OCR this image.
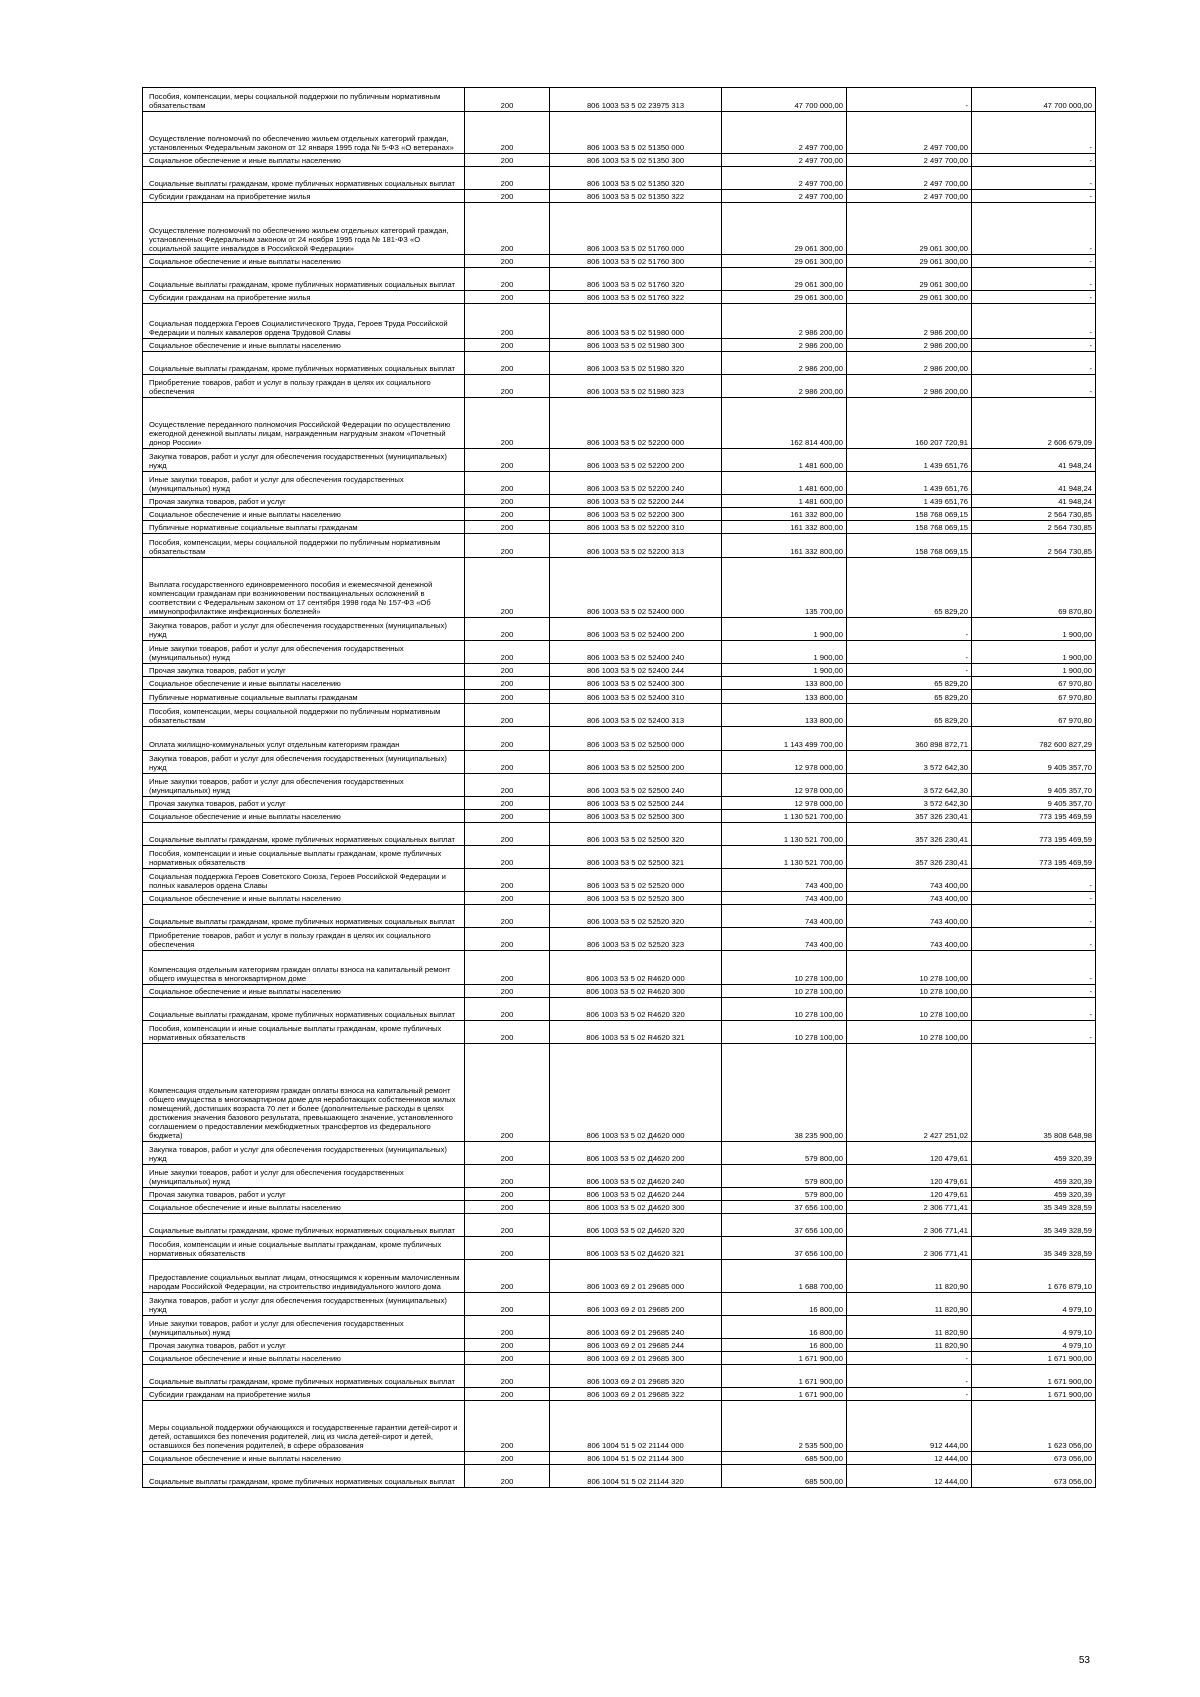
Пособия, компенсации, меры социальной поддержки по публичным нормативным обязательствам	200	806 1003 53 5 02 23975 313	47 700 000,00	-	47 700 000,00
Осуществление полномочий по обеспечению жильем отдельных категорий граждан, установленных Федеральным законом от 12 января 1995 года № 5-ФЗ «О ветеранах»	200	806 1003 53 5 02 51350 000	2 497 700,00	2 497 700,00	-
Социальное обеспечение и иные выплаты населению	200	806 1003 53 5 02 51350 300	2 497 700,00	2 497 700,00	-
Социальные выплаты гражданам, кроме публичных нормативных социальных выплат	200	806 1003 53 5 02 51350 320	2 497 700,00	2 497 700,00	-
Субсидии гражданам на приобретение жилья	200	806 1003 53 5 02 51350 322	2 497 700,00	2 497 700,00	-
Осуществление полномочий по обеспечению жильем отдельных категорий граждан, установленных Федеральным законом от 24 ноября 1995 года № 181-ФЗ «О социальной защите инвалидов в Российской Федерации»	200	806 1003 53 5 02 51760 000	29 061 300,00	29 061 300,00	-
Социальное обеспечение и иные выплаты населению	200	806 1003 53 5 02 51760 300	29 061 300,00	29 061 300,00	-
Социальные выплаты гражданам, кроме публичных нормативных социальных выплат	200	806 1003 53 5 02 51760 320	29 061 300,00	29 061 300,00	-
Субсидии гражданам на приобретение жилья	200	806 1003 53 5 02 51760 322	29 061 300,00	29 061 300,00	-
Социальная поддержка Героев Социалистического Труда, Героев Труда Российской Федерации и полных кавалеров ордена Трудовой Славы	200	806 1003 53 5 02 51980 000	2 986 200,00	2 986 200,00	-
Социальное обеспечение и иные выплаты населению	200	806 1003 53 5 02 51980 300	2 986 200,00	2 986 200,00	-
Социальные выплаты гражданам, кроме публичных нормативных социальных выплат	200	806 1003 53 5 02 51980 320	2 986 200,00	2 986 200,00	-
Приобретение товаров, работ и услуг в пользу граждан в целях их социального обеспечения	200	806 1003 53 5 02 51980 323	2 986 200,00	2 986 200,00	-
Осуществление переданного полномочия Российской Федерации по осуществлению ежегодной денежной выплаты лицам, награжденным нагрудным знаком «Почетный донор России»	200	806 1003 53 5 02 52200 000	162 814 400,00	160 207 720,91	2 606 679,09
Закупка товаров, работ и услуг для обеспечения государственных (муниципальных) нужд	200	806 1003 53 5 02 52200 200	1 481 600,00	1 439 651,76	41 948,24
Иные закупки товаров, работ и услуг для обеспечения государственных (муниципальных) нужд	200	806 1003 53 5 02 52200 240	1 481 600,00	1 439 651,76	41 948,24
Прочая закупка товаров, работ и услуг	200	806 1003 53 5 02 52200 244	1 481 600,00	1 439 651,76	41 948,24
Социальное обеспечение и иные выплаты населению	200	806 1003 53 5 02 52200 300	161 332 800,00	158 768 069,15	2 564 730,85
Публичные нормативные социальные выплаты гражданам	200	806 1003 53 5 02 52200 310	161 332 800,00	158 768 069,15	2 564 730,85
Пособия, компенсации, меры социальной поддержки по публичным нормативным обязательствам	200	806 1003 53 5 02 52200 313	161 332 800,00	158 768 069,15	2 564 730,85
Выплата государственного единовременного пособия и ежемесячной денежной компенсации гражданам при возникновении поствакцинальных осложнений в соответствии с Федеральным законом от 17 сентября 1998 года № 157-ФЗ «Об иммунопрофилактике инфекционных болезней»	200	806 1003 53 5 02 52400 000	135 700,00	65 829,20	69 870,80
Закупка товаров, работ и услуг для обеспечения государственных (муниципальных) нужд	200	806 1003 53 5 02 52400 200	1 900,00	-	1 900,00
Иные закупки товаров, работ и услуг для обеспечения государственных (муниципальных) нужд	200	806 1003 53 5 02 52400 240	1 900,00	-	1 900,00
Прочая закупка товаров, работ и услуг	200	806 1003 53 5 02 52400 244	1 900,00	-	1 900,00
Социальное обеспечение и иные выплаты населению	200	806 1003 53 5 02 52400 300	133 800,00	65 829,20	67 970,80
Публичные нормативные социальные выплаты гражданам	200	806 1003 53 5 02 52400 310	133 800,00	65 829,20	67 970,80
Пособия, компенсации, меры социальной поддержки по публичным нормативным обязательствам	200	806 1003 53 5 02 52400 313	133 800,00	65 829,20	67 970,80
Оплата жилищно-коммунальных услуг отдельным категориям граждан	200	806 1003 53 5 02 52500 000	1 143 499 700,00	360 898 872,71	782 600 827,29
Закупка товаров, работ и услуг для обеспечения государственных (муниципальных) нужд	200	806 1003 53 5 02 52500 200	12 978 000,00	3 572 642,30	9 405 357,70
Иные закупки товаров, работ и услуг для обеспечения государственных (муниципальных) нужд	200	806 1003 53 5 02 52500 240	12 978 000,00	3 572 642,30	9 405 357,70
Прочая закупка товаров, работ и услуг	200	806 1003 53 5 02 52500 244	12 978 000,00	3 572 642,30	9 405 357,70
Социальное обеспечение и иные выплаты населению	200	806 1003 53 5 02 52500 300	1 130 521 700,00	357 326 230,41	773 195 469,59
Социальные выплаты гражданам, кроме публичных нормативных социальных выплат	200	806 1003 53 5 02 52500 320	1 130 521 700,00	357 326 230,41	773 195 469,59
Пособия, компенсации и иные социальные выплаты гражданам, кроме публичных нормативных обязательств	200	806 1003 53 5 02 52500 321	1 130 521 700,00	357 326 230,41	773 195 469,59
Социальная поддержка Героев Советского Союза, Героев Российской Федерации и полных кавалеров ордена Славы	200	806 1003 53 5 02 52520 000	743 400,00	743 400,00	-
Социальное обеспечение и иные выплаты населению	200	806 1003 53 5 02 52520 300	743 400,00	743 400,00	-
Социальные выплаты гражданам, кроме публичных нормативных социальных выплат	200	806 1003 53 5 02 52520 320	743 400,00	743 400,00	-
Приобретение товаров, работ и услуг в пользу граждан в целях их социального обеспечения	200	806 1003 53 5 02 52520 323	743 400,00	743 400,00	-
Компенсация отдельным категориям граждан оплаты взноса на капитальный ремонт общего имущества в многоквартирном доме	200	806 1003 53 5 02 R4620 000	10 278 100,00	10 278 100,00	-
Социальное обеспечение и иные выплаты населению	200	806 1003 53 5 02 R4620 300	10 278 100,00	10 278 100,00	-
Социальные выплаты гражданам, кроме публичных нормативных социальных выплат	200	806 1003 53 5 02 R4620 320	10 278 100,00	10 278 100,00	-
Пособия, компенсации и иные социальные выплаты гражданам, кроме публичных нормативных обязательств	200	806 1003 53 5 02 R4620 321	10 278 100,00	10 278 100,00	-
Компенсация отдельным категориям граждан оплаты взноса на капитальный ремонт общего имущества в многоквартирном доме для неработающих собственников жилых помещений, достигших возраста 70 лет и более (дополнительные расходы в целях достижения значения базового результата, превышающего значение, установленного соглашением о предоставлении межбюджетных трансфертов из федерального бюджета)	200	806 1003 53 5 02 Д4620 000	38 235 900,00	2 427 251,02	35 808 648,98
Закупка товаров, работ и услуг для обеспечения государственных (муниципальных) нужд	200	806 1003 53 5 02 Д4620 200	579 800,00	120 479,61	459 320,39
Иные закупки товаров, работ и услуг для обеспечения государственных (муниципальных) нужд	200	806 1003 53 5 02 Д4620 240	579 800,00	120 479,61	459 320,39
Прочая закупка товаров, работ и услуг	200	806 1003 53 5 02 Д4620 244	579 800,00	120 479,61	459 320,39
Социальное обеспечение и иные выплаты населению	200	806 1003 53 5 02 Д4620 300	37 656 100,00	2 306 771,41	35 349 328,59
Социальные выплаты гражданам, кроме публичных нормативных социальных выплат	200	806 1003 53 5 02 Д4620 320	37 656 100,00	2 306 771,41	35 349 328,59
Пособия, компенсации и иные социальные выплаты гражданам, кроме публичных нормативных обязательств	200	806 1003 53 5 02 Д4620 321	37 656 100,00	2 306 771,41	35 349 328,59
Предоставление социальных выплат лицам, относящимся к коренным малочисленным народам Российской Федерации, на строительство индивидуального жилого дома	200	806 1003 69 2 01 29685 000	1 688 700,00	11 820,90	1 676 879,10
Закупка товаров, работ и услуг для обеспечения государственных (муниципальных) нужд	200	806 1003 69 2 01 29685 200	16 800,00	11 820,90	4 979,10
Иные закупки товаров, работ и услуг для обеспечения государственных (муниципальных) нужд	200	806 1003 69 2 01 29685 240	16 800,00	11 820,90	4 979,10
Прочая закупка товаров, работ и услуг	200	806 1003 69 2 01 29685 244	16 800,00	11 820,90	4 979,10
Социальное обеспечение и иные выплаты населению	200	806 1003 69 2 01 29685 300	1 671 900,00	-	1 671 900,00
Социальные выплаты гражданам, кроме публичных нормативных социальных выплат	200	806 1003 69 2 01 29685 320	1 671 900,00	-	1 671 900,00
Субсидии гражданам на приобретение жилья	200	806 1003 69 2 01 29685 322	1 671 900,00	-	1 671 900,00
Меры социальной поддержки обучающихся и государственные гарантии детей-сирот и детей, оставшихся без попечения родителей, лиц из числа детей-сирот и детей, оставшихся без попечения родителей, в сфере образования	200	806 1004 51 5 02 21144 000	2 535 500,00	912 444,00	1 623 056,00
Социальное обеспечение и иные выплаты населению	200	806 1004 51 5 02 21144 300	685 500,00	12 444,00	673 056,00
Социальные выплаты гражданам, кроме публичных нормативных социальных выплат	200	806 1004 51 5 02 21144 320	685 500,00	12 444,00	673 056,00
53
